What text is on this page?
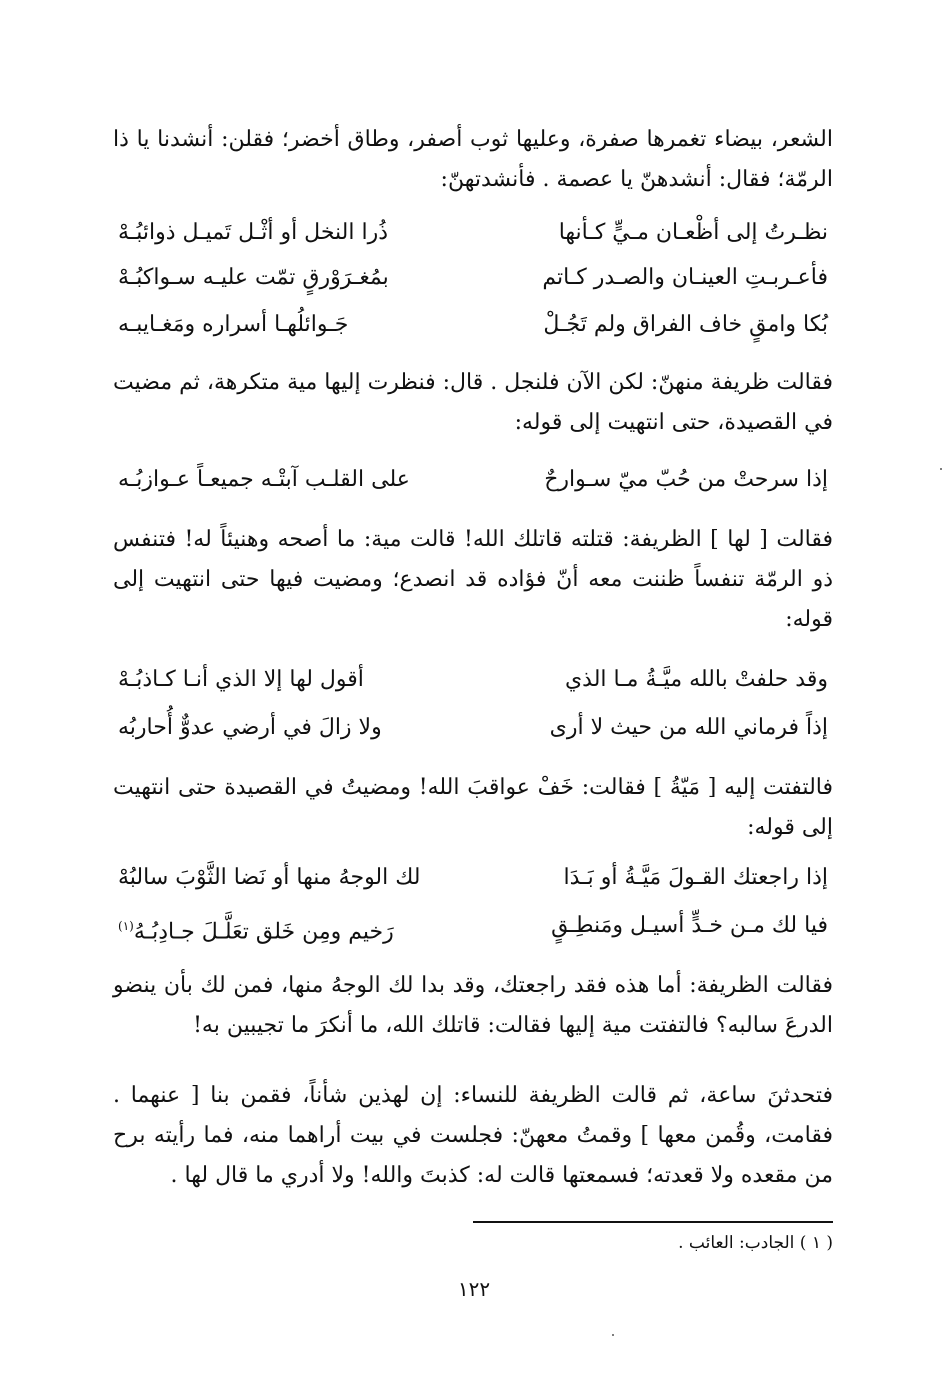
الشعر، بيضاء تغمرها صفرة، وعليها ثوب أصفر، وطاق أخضر؛ فقلن: أنشدنا يا ذا الرمّة؛ فقال: أنشدهنّ يا عصمة . فأنشدتهنّ:

نظـرتُ إلى أظْعـان مـيٍّ كـأنها
ذُرا النخل أو أثْـل تَميـل ذوائبُـهْ
فأعـربـتِ العينـان والصـدر كـاتم
بمُغـرَوْرقٍ تمّت عليـه سـواكبُـهْ
بُكا وامقٍ خاف الفراق ولم تَجُـلْ
جَـوائلُهـا أسراره ومَغـايبـه

فقالت ظريفة منهنّ: لكن الآن فلنجل . قال: فنظرت إليها مية متكرهة، ثم مضيت في القصيدة، حتى انتهيت إلى قوله:

إذا سرحتْ من حُبّ ميّ سـوارحٌ
على القلـب آبتْـه جميعـاً عـوازبُـه

فقالت [ لها ] الظريفة: قتلته قاتلك الله! قالت مية: ما أصحه وهنيئاً له! فتنفس ذو الرمّة تنفساً ظننت معه أنّ فؤاده قد انصدع؛ ومضيت فيها حتى انتهيت إلى قوله:

وقد حلفتْ بالله ميَّـةُ مـا الذي
أقول لها إلا الذي أنـا كـاذبُـهْ
إذاً فرماني الله من حيث لا أرى
ولا زالَ في أرضي عدوٌّ أُحاربُه

فالتفتت إليه [ مَيّةُ ] فقالت: خَفْ عواقبَ الله! ومضيتُ في القصيدة حتى انتهيت إلى قوله:

إذا راجعتك القـولَ مَيَّـةُ أو بَـدَا
لك الوجهُ منها أو نَضا الثَّوْبَ سالبُهْ
فيا لك مـن خـدٍّ أسيـل ومَنطِـقٍ
رَخيم ومِن خَلق تعَلَّـلَ جـادِبُـهُ$^{(١)}$

فقالت الظريفة: أما هذه فقد راجعتك، وقد بدا لك الوجهُ منها، فمن لك بأن ينضو الدرعَ سالبه؟ فالتفتت مية إليها فقالت: قاتلك الله، ما أنكرَ ما تجيبين به!

فتحدثنَ ساعة، ثم قالت الظريفة للنساء: إن لهذين شأناً، فقمن بنا [ عنهما . فقامت، وقُمن معها ] وقمتُ معهنّ: فجلست في بيت أراهما منه، فما رأيته برح من مقعده ولا قعدته؛ فسمعتها قالت له: كذبتَ والله! ولا أدري ما قال لها .

( ١ ) الجادب: العائب .
١٢٢
